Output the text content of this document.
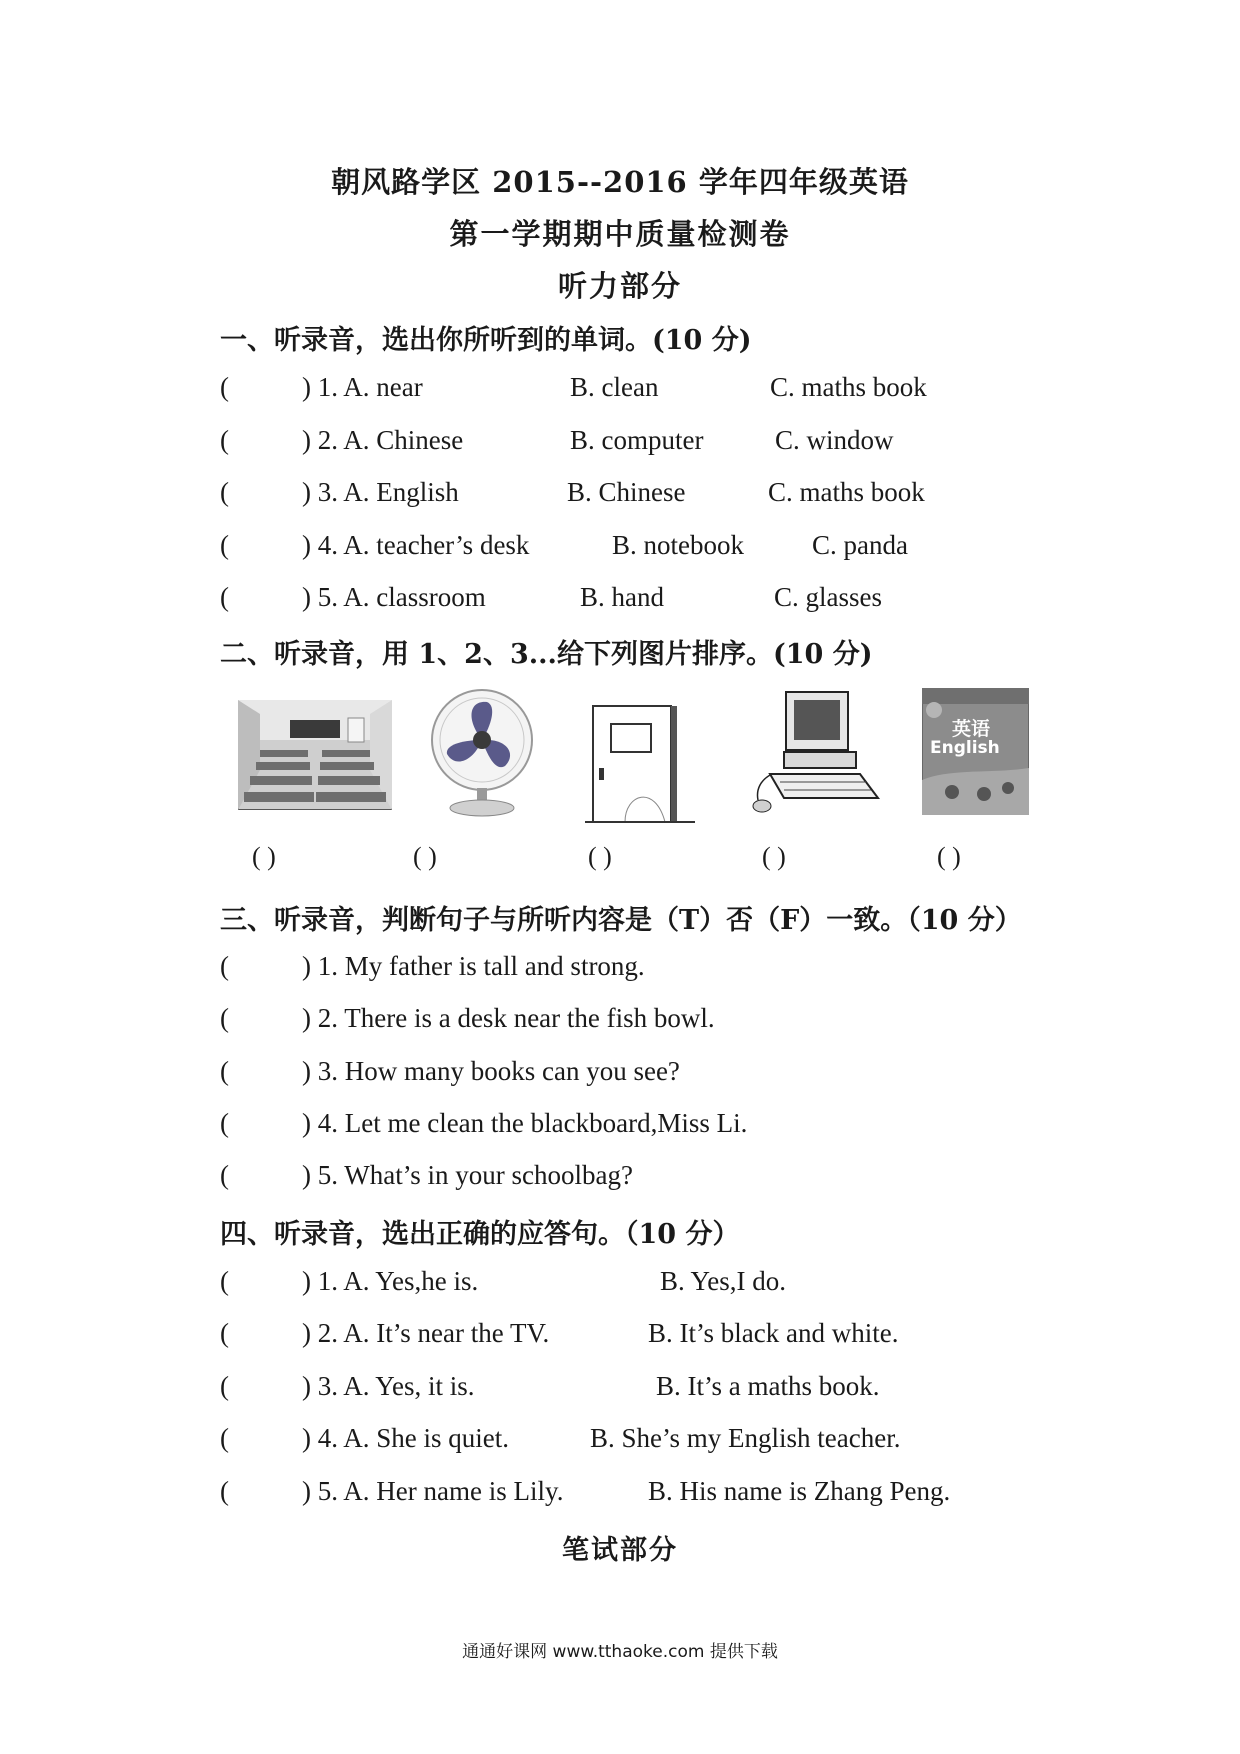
朝风路学区 2015--2016 学年四年级英语
第一学期期中质量检测卷
听力部分
一、听录音，选出你所听到的单词。(10 分)
(	) 1. A. near	B. clean	C. maths book
(	) 2. A. Chinese	B. computer	C. window
(	) 3. A. English	B. Chinese	C. maths book
(	) 4. A. teacher’s desk	B. notebook	C. panda
(	) 5. A. classroom	B. hand	C. glasses
二、听录音，用 1、2、3...给下列图片排序。(10 分)
英语
English
( )	( )	( )	( )	( )
三、听录音，判断句子与所听内容是（T）否（F）一致。（10 分）
(	) 1. My father is tall and strong.
(	) 2. There is a desk near the fish bowl.
(	) 3. How many books can you see?
(	) 4. Let me clean the blackboard,Miss Li.
(	) 5. What’s in your schoolbag?
四、听录音，选出正确的应答句。（10 分）
(	) 1. A. Yes,he is.	B. Yes,I do.
(	) 2. A. It’s near the TV.	B. It’s black and white.
(	) 3. A. Yes, it is.	B. It’s a maths book.
(	) 4. A. She is quiet.	B. She’s my English teacher.
(	) 5. A. Her name is Lily.	B. His name is Zhang Peng.
笔试部分
通通好课网 www.tthaoke.com 提供下载
